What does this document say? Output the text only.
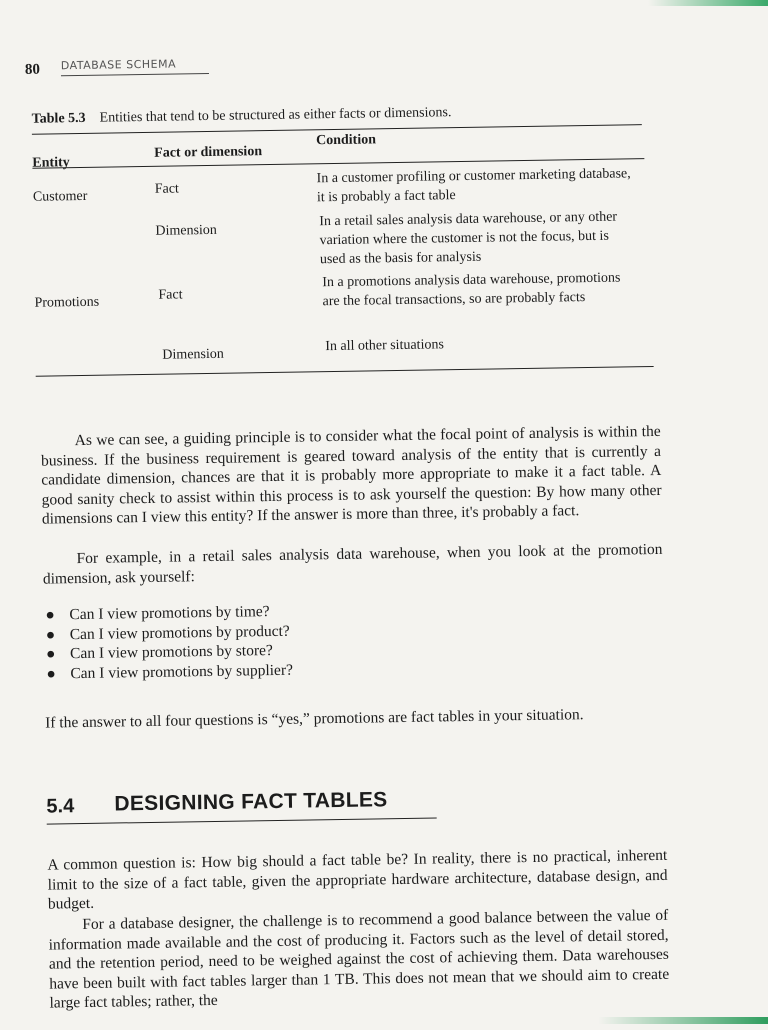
80 DATABASE SCHEMA
Table 5.3 Entities that tend to be structured as either facts or dimensions.
Entity
Fact or dimension
Condition
Customer	Fact
In a customer profiling or customer marketing database, it is probably a fact table
Dimension
In a retail sales analysis data warehouse, or any other variation where the customer is not the focus, but is used as the basis for analysis
Promotions	Fact
In a promotions analysis data warehouse, promotions are the focal transactions, so are probably facts
Dimension
In all other situations

As we can see, a guiding principle is to consider what the focal point of analysis is within the business. If the business requirement is geared toward analysis of the entity that is currently a candidate dimension, chances are that it is probably more appropriate to make it a fact table. A good sanity check to assist within this process is to ask yourself the question: By how many other dimensions can I view this entity? If the answer is more than three, it's probably a fact.

For example, in a retail sales analysis data warehouse, when you look at the promotion dimension, ask yourself:

● Can I view promotions by time?
● Can I view promotions by product?
● Can I view promotions by store?
● Can I view promotions by supplier?

If the answer to all four questions is “yes,” promotions are fact tables in your situation.

5.4 DESIGNING FACT TABLES

A common question is: How big should a fact table be? In reality, there is no practical, inherent limit to the size of a fact table, given the appropriate hardware architecture, database design, and budget.

For a database designer, the challenge is to recommend a good balance between the value of information made available and the cost of producing it. Factors such as the level of detail stored, and the retention period, need to be weighed against the cost of achieving them. Data warehouses have been built with fact tables larger than 1 TB. This does not mean that we should aim to create large fact tables; rather, the
